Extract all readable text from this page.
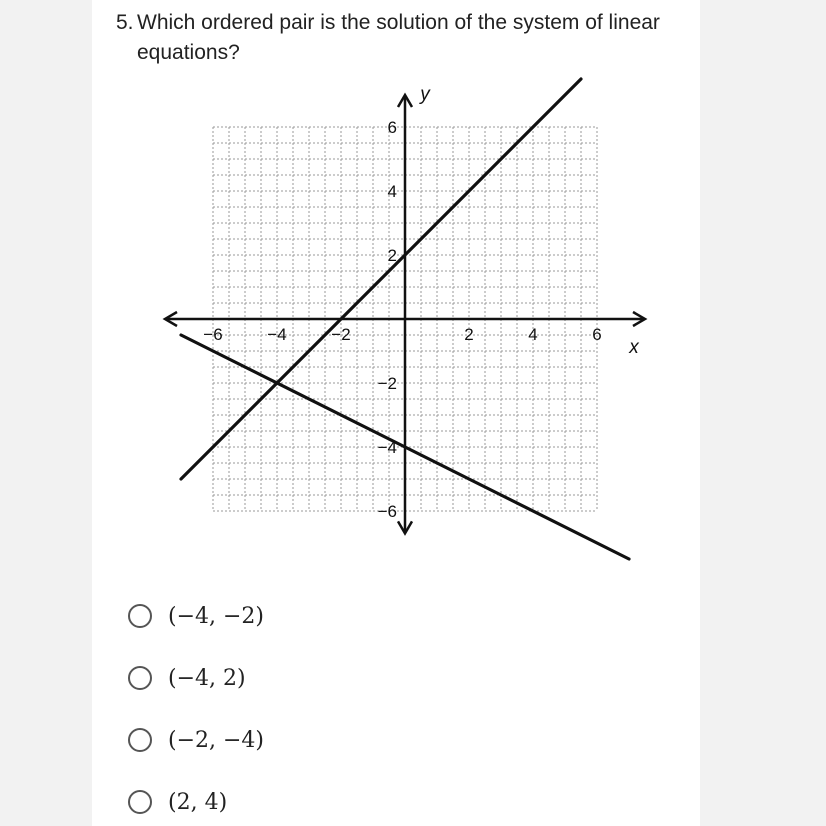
5. Which ordered pair is the solution of the system of linear
equations?
−6	−4	−2	2	4	6
6
4
2
−2
−4
−6
x
y
(−4, −2)
(−4, 2)
(−2, −4)
(2, 4)
